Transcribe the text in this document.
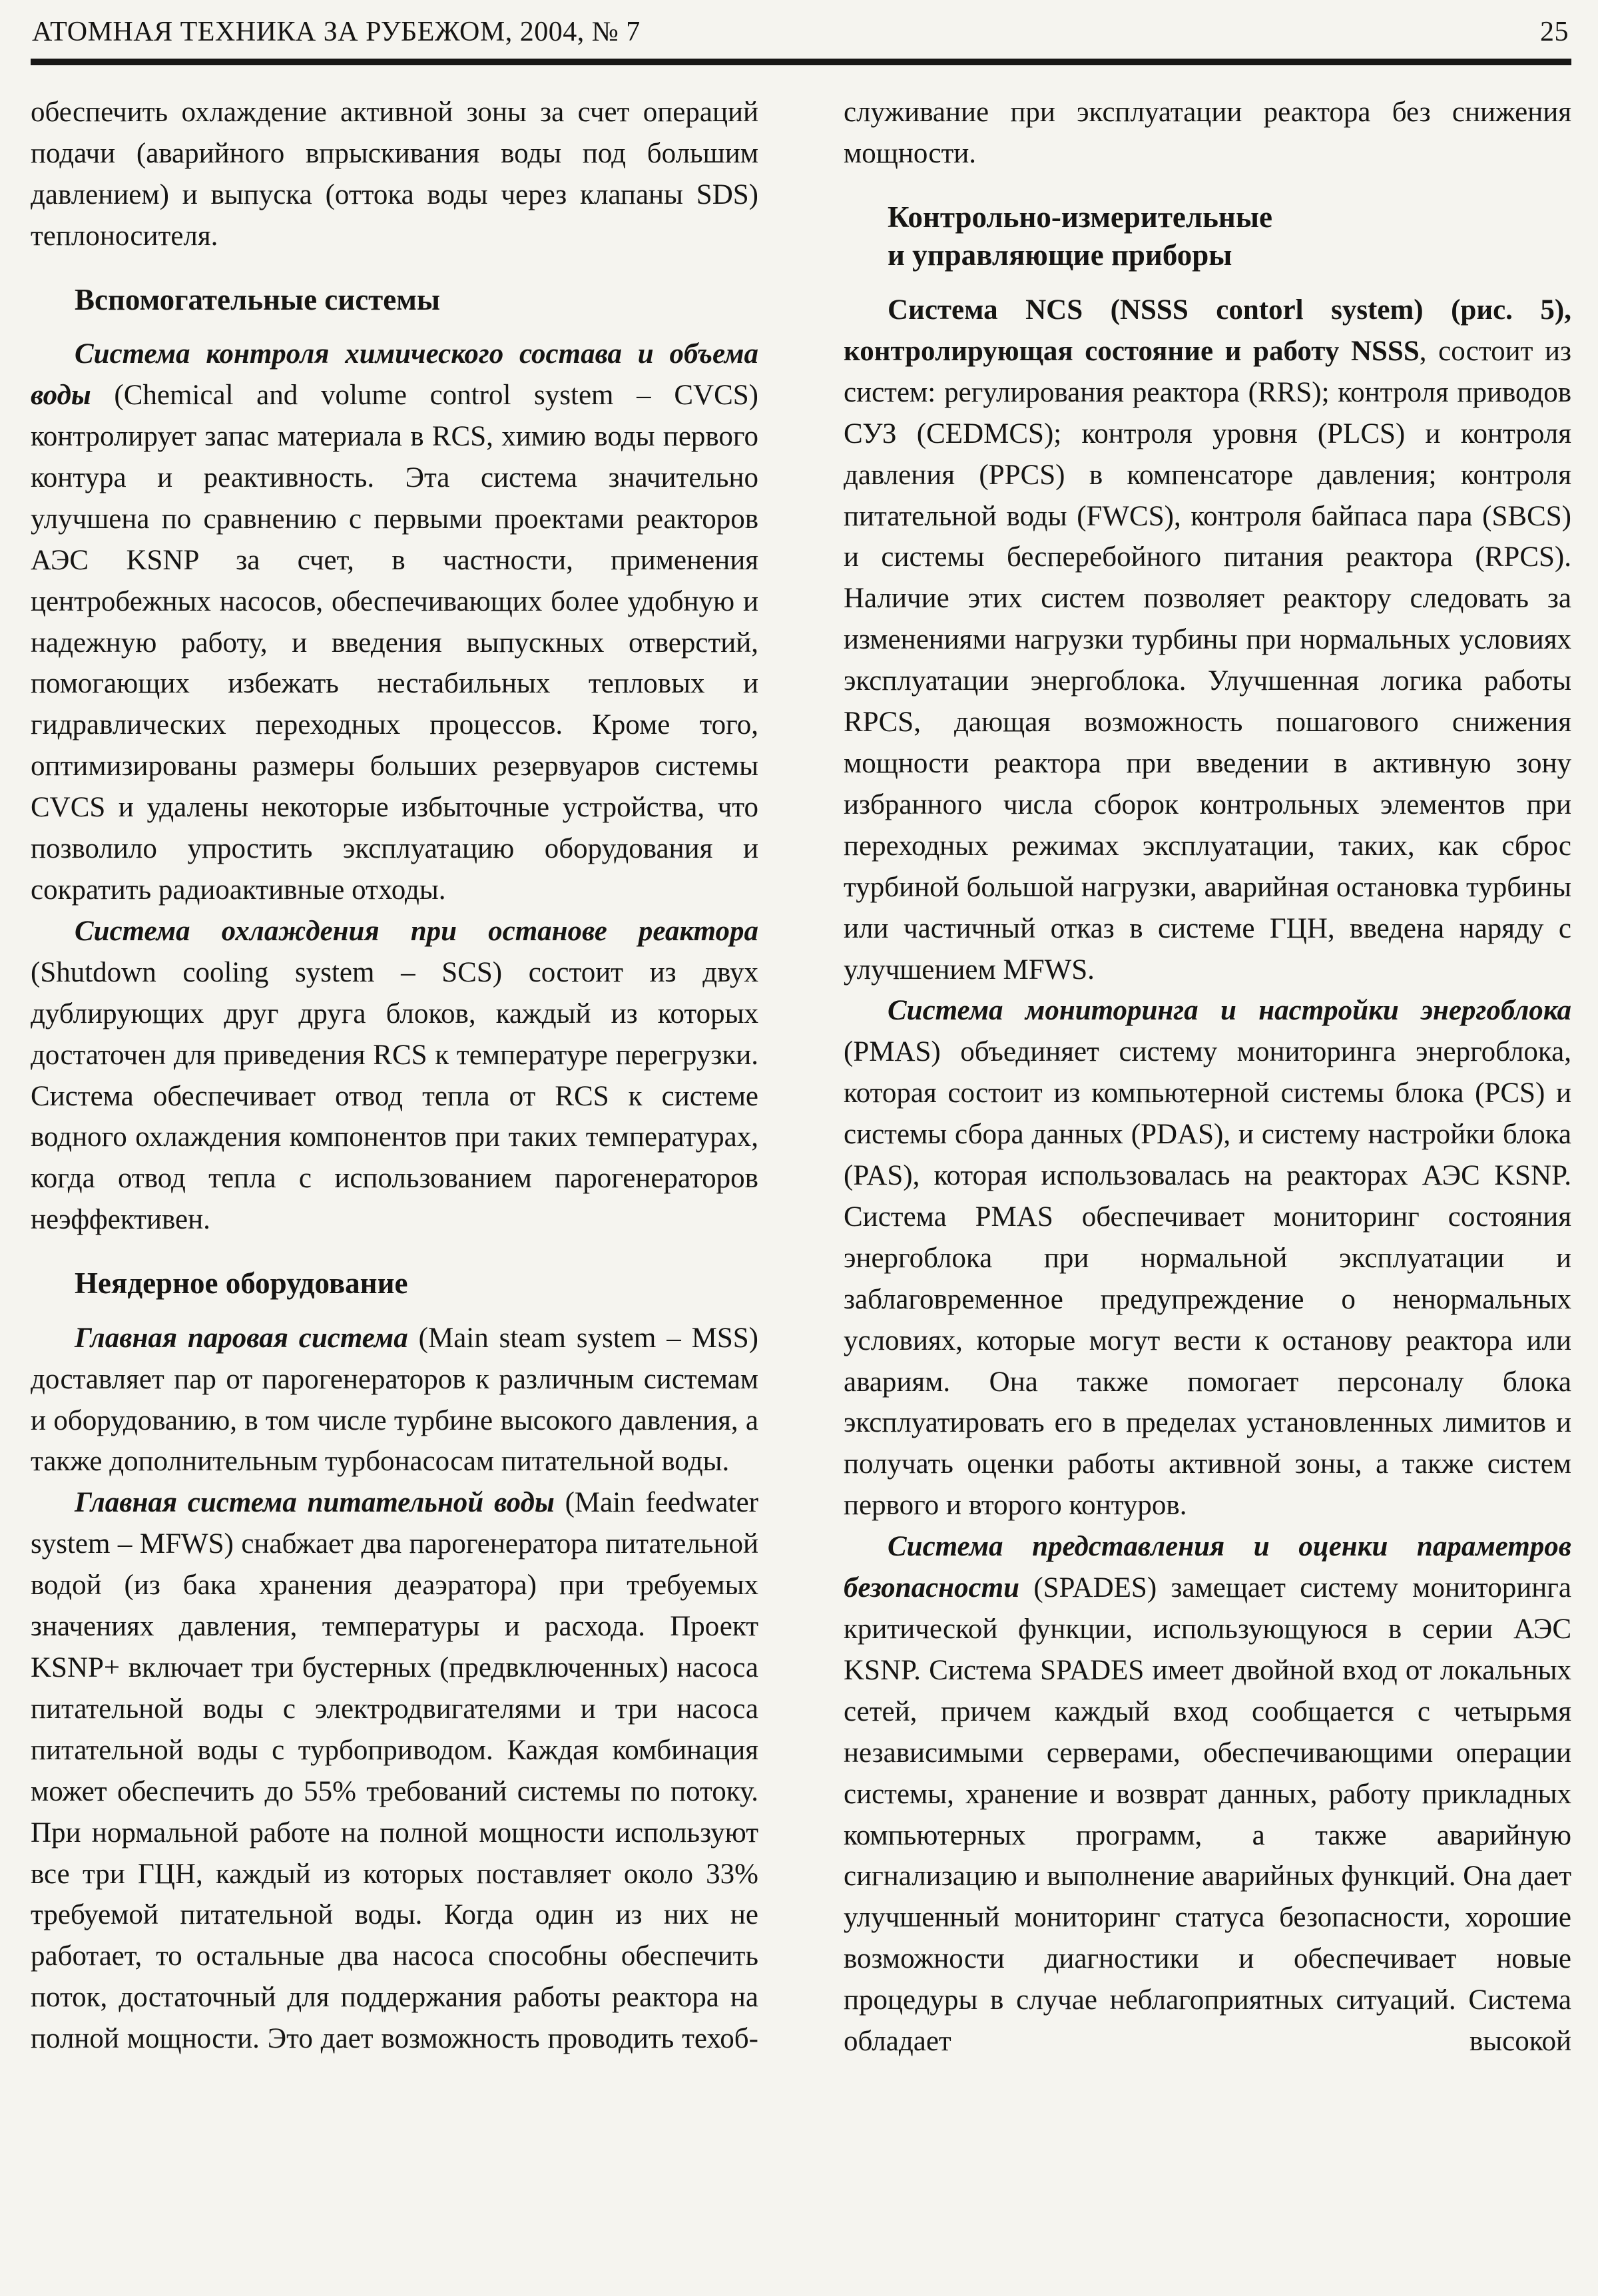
АТОМНАЯ ТЕХНИКА ЗА РУБЕЖОМ, 2004, № 7	25

обеспечить охлаждение активной зоны за счет операций подачи (аварийного впрыскивания воды под большим давлением) и выпуска (оттока воды через клапаны SDS) теплоносителя.

Вспомогательные системы

Система контроля химического состава и объема воды (Chemical and volume control system – CVCS) контролирует запас материала в RCS, химию воды первого контура и реактивность. Эта система значительно улучшена по сравнению с первыми проектами реакторов АЭС KSNP за счет, в частности, применения центробежных насосов, обеспечивающих более удобную и надежную работу, и введения выпускных отверстий, помогающих избежать нестабильных тепловых и гидравлических переходных процессов. Кроме того, оптимизированы размеры больших резервуаров системы CVCS и удалены некоторые избыточные устройства, что позволило упростить эксплуатацию оборудования и сократить радиоактивные отходы.

Система охлаждения при останове реактора (Shutdown cooling system – SCS) состоит из двух дублирующих друг друга блоков, каждый из которых достаточен для приведения RCS к температуре перегрузки. Система обеспечивает отвод тепла от RCS к системе водного охлаждения компонентов при таких температурах, когда отвод тепла с использованием парогенераторов неэффективен.

Неядерное оборудование

Главная паровая система (Main steam system – MSS) доставляет пар от парогенераторов к различным системам и оборудованию, в том числе турбине высокого давления, а также дополнительным турбонасосам питательной воды.

Главная система питательной воды (Main feedwater system – MFWS) снабжает два парогенератора питательной водой (из бака хранения деаэратора) при требуемых значениях давления, температуры и расхода. Проект KSNP+ включает три бустерных (предвключенных) насоса питательной воды с электродвигателями и три насоса питательной воды с турбоприводом. Каждая комбинация может обеспечить до 55% требований системы по потоку. При нормальной работе на полной мощности используют все три ГЦН, каждый из которых поставляет около 33% требуемой питательной воды. Когда один из них не работает, то остальные два насоса способны обеспечить поток, достаточный для поддержания работы реактора на полной мощности. Это дает возможность проводить техоб-

служивание при эксплуатации реактора без снижения мощности.

Контрольно-измерительные
и управляющие приборы

Система NCS (NSSS contorl system) (рис. 5), контролирующая состояние и работу NSSS, состоит из систем: регулирования реактора (RRS); контроля приводов СУЗ (CEDMCS); контроля уровня (PLCS) и контроля давления (PPCS) в компенсаторе давления; контроля питательной воды (FWCS), контроля байпаса пара (SBCS) и системы бесперебойного питания реактора (RPCS). Наличие этих систем позволяет реактору следовать за изменениями нагрузки турбины при нормальных условиях эксплуатации энергоблока. Улучшенная логика работы RPCS, дающая возможность пошагового снижения мощности реактора при введении в активную зону избранного числа сборок контрольных элементов при переходных режимах эксплуатации, таких, как сброс турбиной большой нагрузки, аварийная остановка турбины или частичный отказ в системе ГЦН, введена наряду с улучшением MFWS.

Система мониторинга и настройки энергоблока (PMAS) объединяет систему мониторинга энергоблока, которая состоит из компьютерной системы блока (PCS) и системы сбора данных (PDAS), и систему настройки блока (PAS), которая использовалась на реакторах АЭС KSNP. Система PMAS обеспечивает мониторинг состояния энергоблока при нормальной эксплуатации и заблаговременное предупреждение о ненормальных условиях, которые могут вести к останову реактора или авариям. Она также помогает персоналу блока эксплуатировать его в пределах установленных лимитов и получать оценки работы активной зоны, а также систем первого и второго контуров.

Система представления и оценки параметров безопасности (SPADES) замещает систему мониторинга критической функции, использующуюся в серии АЭС KSNP. Система SPADES имеет двойной вход от локальных сетей, причем каждый вход сообщается с четырьмя независимыми серверами, обеспечивающими операции системы, хранение и возврат данных, работу прикладных компьютерных программ, а также аварийную сигнализацию и выполнение аварийных функций. Она дает улучшенный мониторинг статуса безопасности, хорошие возможности диагностики и обеспечивает новые процедуры в случае неблагоприятных ситуаций. Система обладает высокой
